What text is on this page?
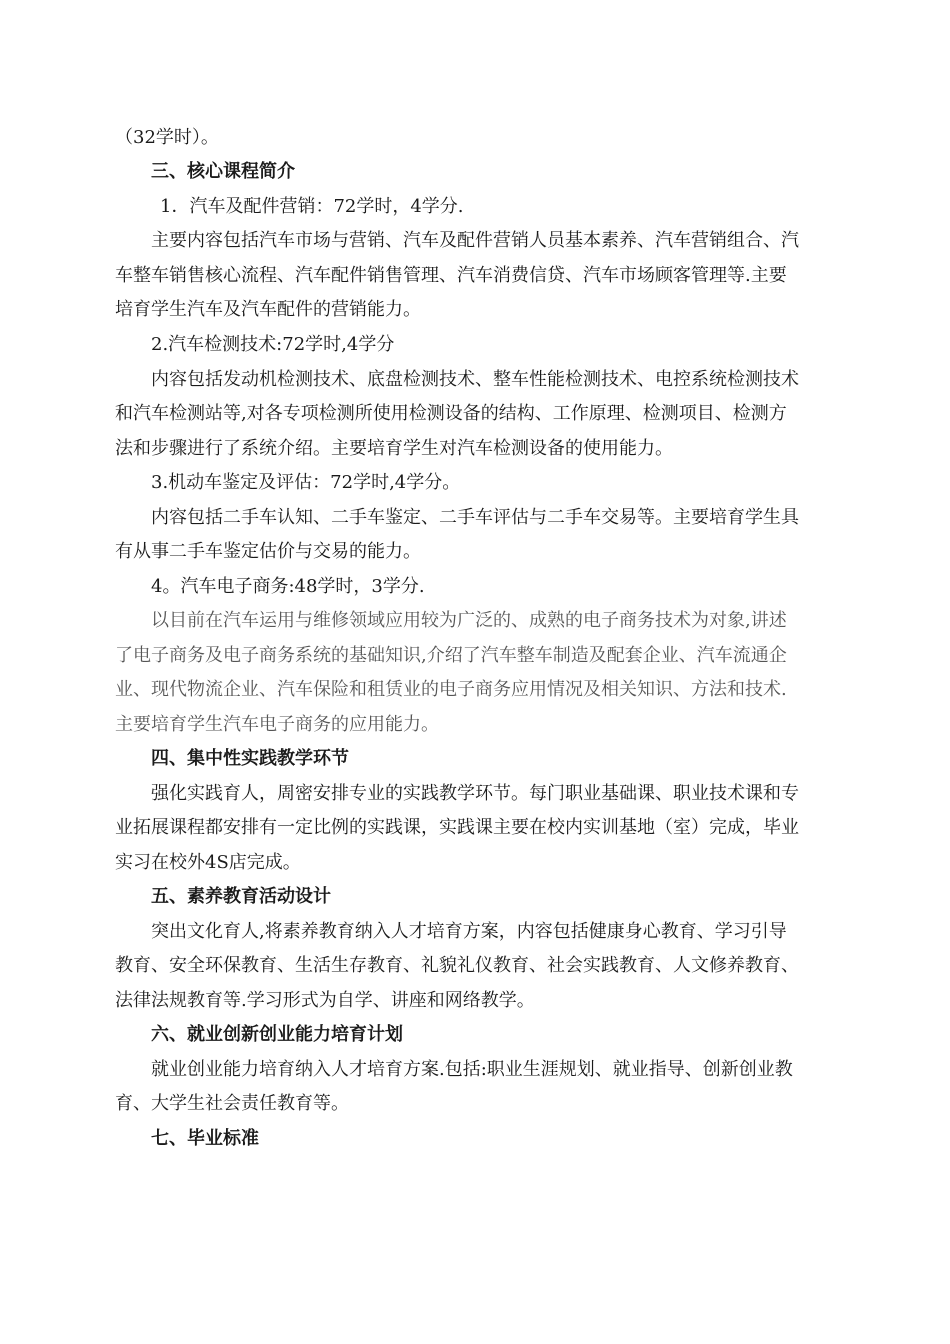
（32学时）。
三、核心课程简介
1．汽车及配件营销：72学时，4学分.
主要内容包括汽车市场与营销、汽车及配件营销人员基本素养、汽车营销组合、汽
车整车销售核心流程、汽车配件销售管理、汽车消费信贷、汽车市场顾客管理等.主要
培育学生汽车及汽车配件的营销能力。
2.汽车检测技术:72学时,4学分
内容包括发动机检测技术、底盘检测技术、整车性能检测技术、电控系统检测技术
和汽车检测站等,对各专项检测所使用检测设备的结构、工作原理、检测项目、检测方
法和步骤进行了系统介绍。主要培育学生对汽车检测设备的使用能力。
3.机动车鉴定及评估：72学时,4学分。
内容包括二手车认知、二手车鉴定、二手车评估与二手车交易等。主要培育学生具
有从事二手车鉴定估价与交易的能力。
4。汽车电子商务:48学时，3学分.
以目前在汽车运用与维修领域应用较为广泛的、成熟的电子商务技术为对象,讲述
了电子商务及电子商务系统的基础知识,介绍了汽车整车制造及配套企业、汽车流通企
业、现代物流企业、汽车保险和租赁业的电子商务应用情况及相关知识、方法和技术.
主要培育学生汽车电子商务的应用能力。
四、集中性实践教学环节
强化实践育人，周密安排专业的实践教学环节。每门职业基础课、职业技术课和专
业拓展课程都安排有一定比例的实践课，实践课主要在校内实训基地（室）完成，毕业
实习在校外4S店完成。
五、素养教育活动设计
突出文化育人,将素养教育纳入人才培育方案，内容包括健康身心教育、学习引导
教育、安全环保教育、生活生存教育、礼貌礼仪教育、社会实践教育、人文修养教育、
法律法规教育等.学习形式为自学、讲座和网络教学。
六、就业创新创业能力培育计划
就业创业能力培育纳入人才培育方案.包括:职业生涯规划、就业指导、创新创业教
育、大学生社会责任教育等。
七、毕业标准
